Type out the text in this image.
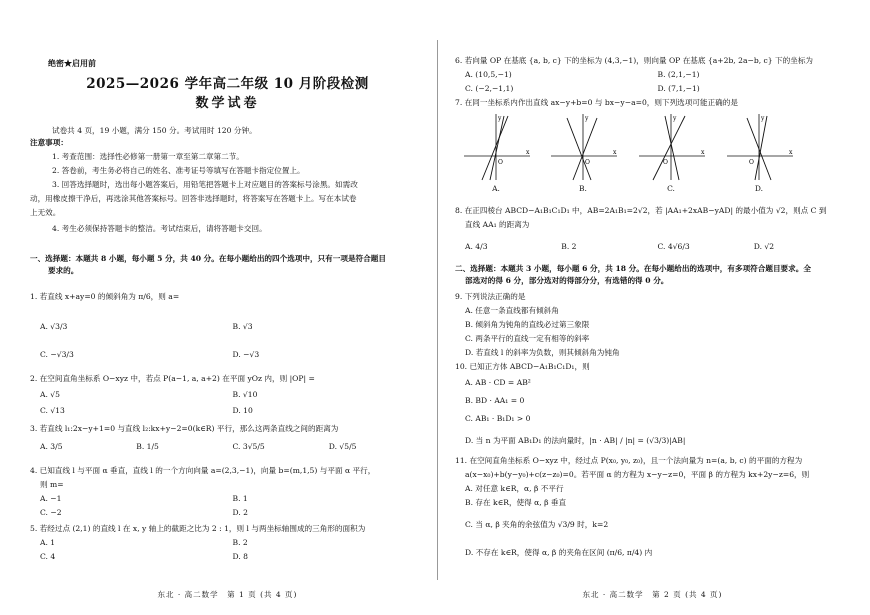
绝密★启用前
2025—2026 学年高二年级 10 月阶段检测
数学试卷
试卷共 4 页，19 小题，满分 150 分。考试用时 120 分钟。
注意事项：
1. 考查范围：选择性必修第一册第一章至第二章第二节。
2. 答卷前，考生务必将自己的姓名、准考证号等填写在答题卡指定位置上。
3. 回答选择题时，选出每小题答案后，用铅笔把答题卡上对应题目的答案标号涂黑。如需改
动，用橡皮擦干净后，再选涂其他答案标号。回答非选择题时，将答案写在答题卡上。写在本试卷
上无效。
4. 考生必须保持答题卡的整洁。考试结束后，请将答题卡交回。
一、选择题：本题共 8 小题，每小题 5 分，共 40 分。在每小题给出的四个选项中，只有一项是符合题目
要求的。
1. 若直线 x+ay=0 的倾斜角为 π/6，则 a=
A. √3/3	B. √3
C. −√3/3	D. −√3
2. 在空间直角坐标系 O−xyz 中，若点 P(a−1, a, a+2) 在平面 yOz 内，则 |OP| =
A. √5	B. √10
C. √13	D. 10
3. 若直线 l₁:2x−y+1=0 与直线 l₂:kx+y−2=0(k∈R) 平行，那么这两条直线之间的距离为
A. 3/5	B. 1/5	C. 3√5/5	D. √5/5
4. 已知直线 l 与平面 α 垂直，直线 l 的一个方向向量 a=(2,3,−1)，向量 b=(m,1,5) 与平面 α 平行，
则 m=
A. −1	B. 1
C. −2	D. 2
5. 若经过点 (2,1) 的直线 l 在 x, y 轴上的截距之比为 2 : 1，则 l 与两坐标轴围成的三角形的面积为
A. 1	B. 2
C. 4	D. 8
东北 · 高二数学　第 1 页 (共 4 页)
6. 若向量 OP 在基底 {a, b, c} 下的坐标为 (4,3,−1)，则向量 OP 在基底 {a+2b, 2a−b, c} 下的坐标为
A. (10,5,−1)	B. (2,1,−1)
C. (−2,−1,1)	D. (7,1,−1)
7. 在同一坐标系内作出直线 ax−y+b=0 与 bx−y−a=0，则下列选项可能正确的是
x
y
O
A.
x
y
O
B.
x
y
O
C.
x
y
O
D.
8. 在正四棱台 ABCD−A₁B₁C₁D₁ 中，AB=2A₁B₁=2√2，若 |AA₁+2xAB−yAD| 的最小值为 √2，则点 C 到
直线 AA₁ 的距离为
A. 4/3	B. 2	C. 4√6/3	D. √2
二、选择题：本题共 3 小题，每小题 6 分，共 18 分。在每小题给出的选项中，有多项符合题目要求。全
部选对的得 6 分，部分选对的得部分分，有选错的得 0 分。
9. 下列说法正确的是
A. 任意一条直线都有倾斜角
B. 倾斜角为钝角的直线必过第三象限
C. 两条平行的直线一定有相等的斜率
D. 若直线 l 的斜率为负数，则其倾斜角为钝角
10. 已知正方体 ABCD−A₁B₁C₁D₁，则
A. AB · CD = AB²
B. BD · AA₁ = 0
C. AB₁ · B₁D₁ > 0
D. 当 n 为平面 AB₁D₁ 的法向量时，|n · AB| / |n| = (√3/3)|AB|
11. 在空间直角坐标系 O−xyz 中，经过点 P(x₀, y₀, z₀)，且一个法向量为 n=(a, b, c) 的平面的方程为
a(x−x₀)+b(y−y₀)+c(z−z₀)=0。若平面 α 的方程为 x−y−z=0，平面 β 的方程为 kx+2y−z=6，则
A. 对任意 k∈R，α, β 不平行
B. 存在 k∈R，使得 α, β 垂直
C. 当 α, β 夹角的余弦值为 √3/9 时，k=2
D. 不存在 k∈R，使得 α, β 的夹角在区间 (π/6, π/4) 内
东北 · 高二数学　第 2 页 (共 4 页)
